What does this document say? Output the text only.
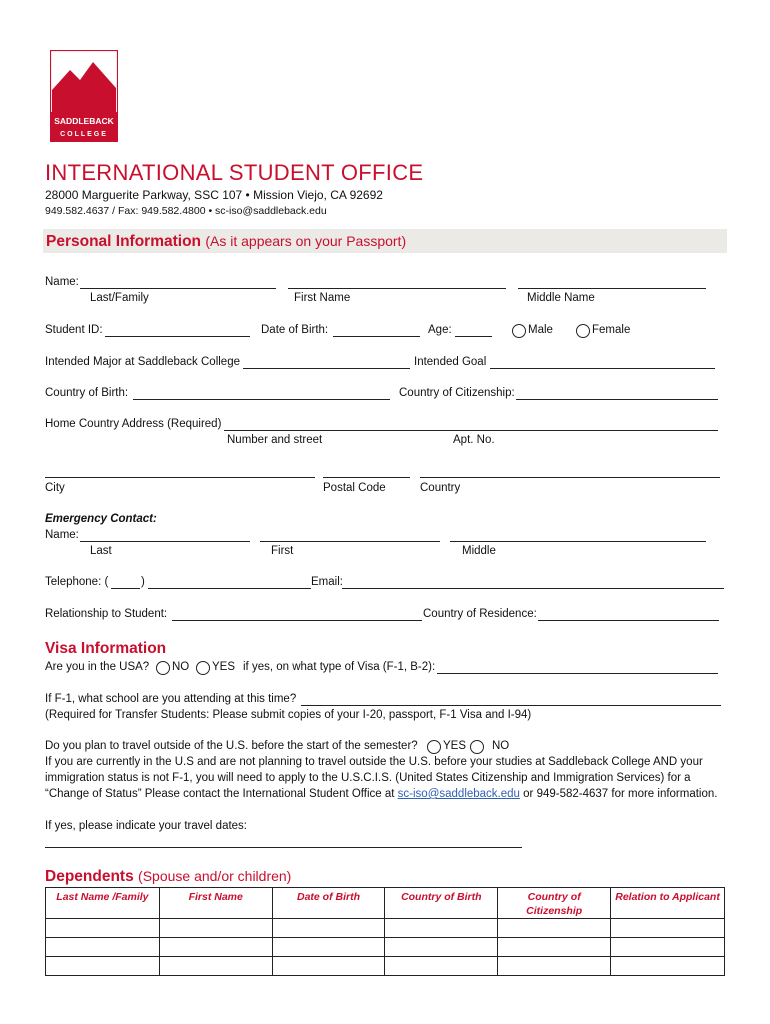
SADDLEBACK
COLLEGE
INTERNATIONAL STUDENT OFFICE
28000 Marguerite Parkway, SSC 107 • Mission Viejo, CA 92692
949.582.4637 / Fax: 949.582.4800 • sc-iso@saddleback.edu
Personal Information (As it appears on your Passport)
Name:
Last/Family	First Name	Middle Name
Student ID:	Date of Birth:	Age:	Male	Female
Intended Major at Saddleback College	Intended Goal
Country of Birth:	Country of Citizenship:
Home Country Address (Required)
Number and street	Apt. No.
City	Postal Code	Country
Emergency Contact:
Name:
Last	First	Middle
Telephone: (	)	Email:
Relationship to Student:	Country of Residence:
Visa Information
Are you in the USA? NO YES if yes, on what type of Visa (F-1, B-2):
If F-1, what school are you attending at this time?
(Required for Transfer Students: Please submit copies of your I-20, passport, F-1 Visa and I-94)
Do you plan to travel outside of the U.S. before the start of the semester? YES NO
If you are currently in the U.S and are not planning to travel outside the U.S. before your studies at Saddleback College AND your
immigration status is not F-1, you will need to apply to the U.S.C.I.S. (United States Citizenship and Immigration Services) for a
“Change of Status” Please contact the International Student Office at sc-iso@saddleback.edu or 949-582-4637 for more information.
If yes, please indicate your travel dates:
Dependents (Spouse and/or children)
Last Name /Family	First Name	Date of Birth	Country of Birth	Country of Citizenship	Relation to Applicant
